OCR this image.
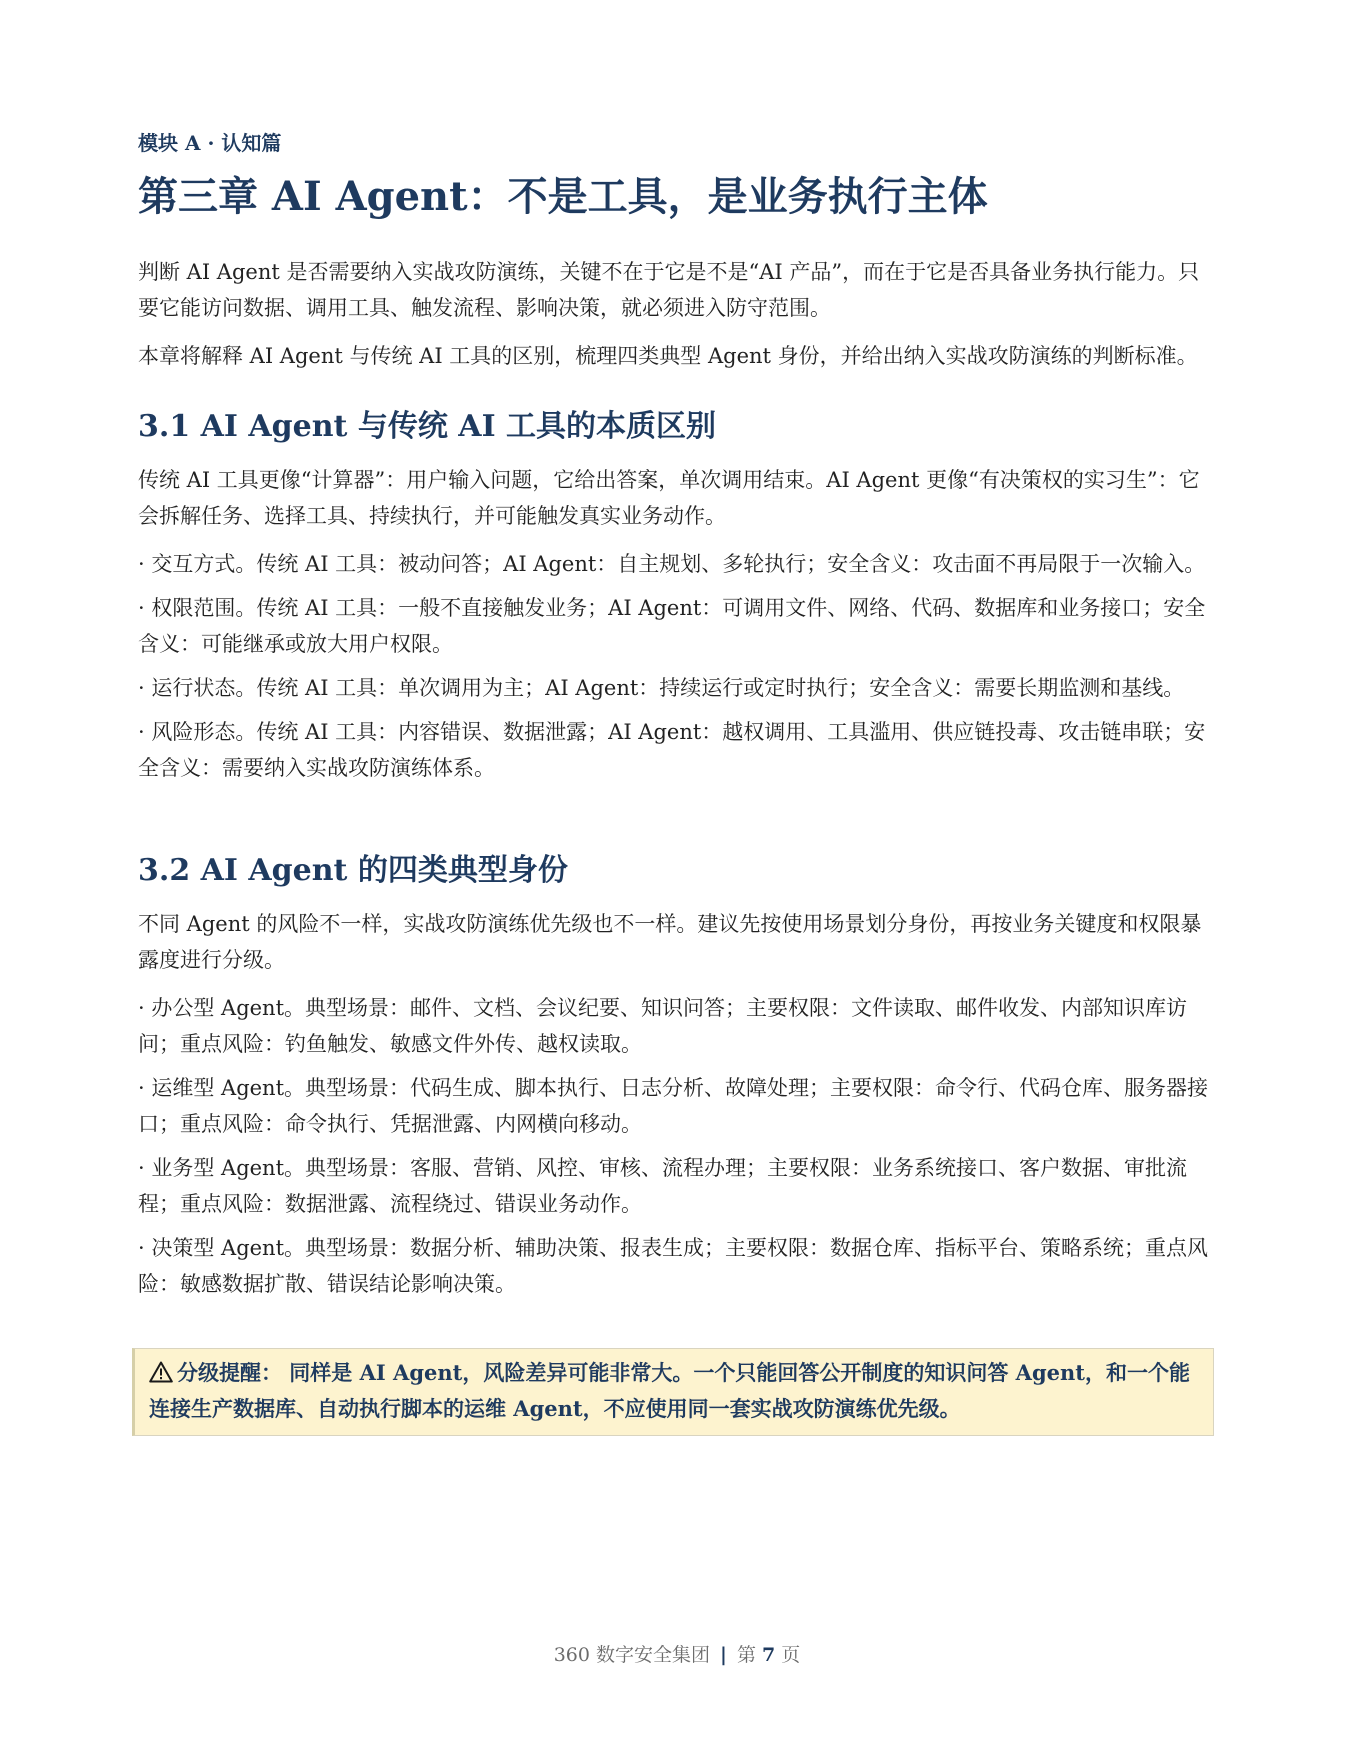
模块 A · 认知篇
第三章 AI Agent：不是工具，是业务执行主体

判断 AI Agent 是否需要纳入实战攻防演练，关键不在于它是不是“AI 产品”，而在于它是否具备业务执行能力。只要它能访问数据、调用工具、触发流程、影响决策，就必须进入防守范围。

本章将解释 AI Agent 与传统 AI 工具的区别，梳理四类典型 Agent 身份，并给出纳入实战攻防演练的判断标准。

3.1 AI Agent 与传统 AI 工具的本质区别

传统 AI 工具更像“计算器”：用户输入问题，它给出答案，单次调用结束。AI Agent 更像“有决策权的实习生”：它会拆解任务、选择工具、持续执行，并可能触发真实业务动作。

· 交互方式。传统 AI 工具：被动问答；AI Agent：自主规划、多轮执行；安全含义：攻击面不再局限于一次输入。
· 权限范围。传统 AI 工具：一般不直接触发业务；AI Agent：可调用文件、网络、代码、数据库和业务接口；安全含义：可能继承或放大用户权限。
· 运行状态。传统 AI 工具：单次调用为主；AI Agent：持续运行或定时执行；安全含义：需要长期监测和基线。
· 风险形态。传统 AI 工具：内容错误、数据泄露；AI Agent：越权调用、工具滥用、供应链投毒、攻击链串联；安全含义：需要纳入实战攻防演练体系。
3.2 AI Agent 的四类典型身份

不同 Agent 的风险不一样，实战攻防演练优先级也不一样。建议先按使用场景划分身份，再按业务关键度和权限暴露度进行分级。

· 办公型 Agent。典型场景：邮件、文档、会议纪要、知识问答；主要权限：文件读取、邮件收发、内部知识库访问；重点风险：钓鱼触发、敏感文件外传、越权读取。
· 运维型 Agent。典型场景：代码生成、脚本执行、日志分析、故障处理；主要权限：命令行、代码仓库、服务器接口；重点风险：命令执行、凭据泄露、内网横向移动。
· 业务型 Agent。典型场景：客服、营销、风控、审核、流程办理；主要权限：业务系统接口、客户数据、审批流程；重点风险：数据泄露、流程绕过、错误业务动作。
· 决策型 Agent。典型场景：数据分析、辅助决策、报表生成；主要权限：数据仓库、指标平台、策略系统；重点风险：敏感数据扩散、错误结论影响决策。
分级提醒： 同样是 AI Agent，风险差异可能非常大。一个只能回答公开制度的知识问答 Agent，和一个能连接生产数据库、自动执行脚本的运维 Agent，不应使用同一套实战攻防演练优先级。
360 数字安全集团 | 第 7 页
